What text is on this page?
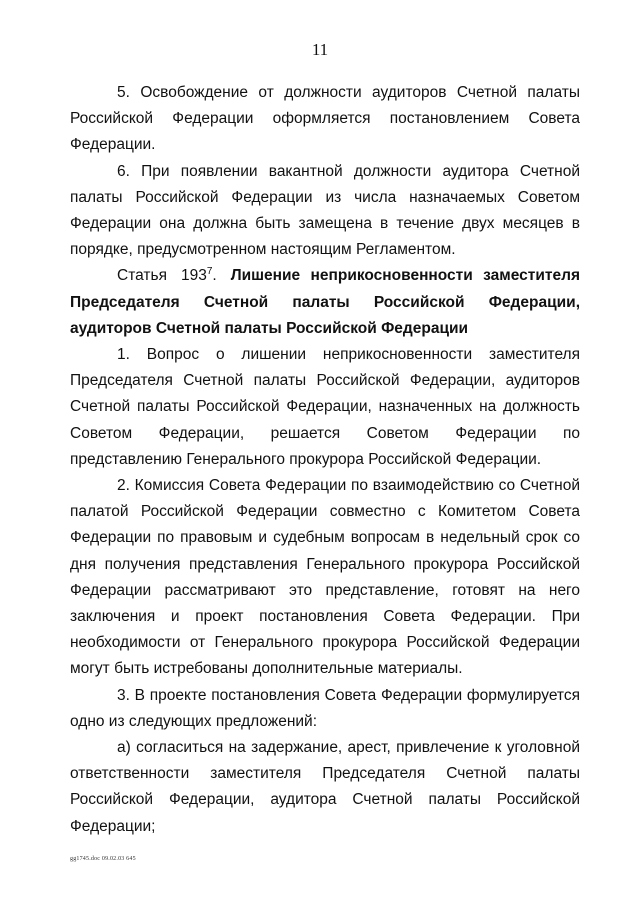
11

5. Освобождение от должности аудиторов Счетной палаты Российской Федерации оформляется постановлением Совета Федерации.

6. При появлении вакантной должности аудитора Счетной палаты Российской Федерации из числа назначаемых Советом Федерации она должна быть замещена в течение двух месяцев в порядке, предусмотренном настоящим Регламентом.

Статья $193^7$. Лишение неприкосновенности заместителя Председателя Счетной палаты Российской Федерации, аудиторов Счетной палаты Российской Федерации

1. Вопрос о лишении неприкосновенности заместителя Председателя Счетной палаты Российской Федерации, аудиторов Счетной палаты Российской Федерации, назначенных на должность Советом Федерации, решается Советом Федерации по представлению Генерального прокурора Российской Федерации.

2. Комиссия Совета Федерации по взаимодействию со Счетной палатой Российской Федерации совместно с Комитетом Совета Федерации по правовым и судебным вопросам в недельный срок со дня получения представления Генерального прокурора Российской Федерации рассматривают это представление, готовят на него заключения и проект постановления Совета Федерации. При необходимости от Генерального прокурора Российской Федерации могут быть истребованы дополнительные материалы.

3. В проекте постановления Совета Федерации формулируется одно из следующих предложений:

а) согласиться на задержание, арест, привлечение к уголовной ответственности заместителя Председателя Счетной палаты Российской Федерации, аудитора Счетной палаты Российской Федерации;

gg1745.doc 09.02.03 645
